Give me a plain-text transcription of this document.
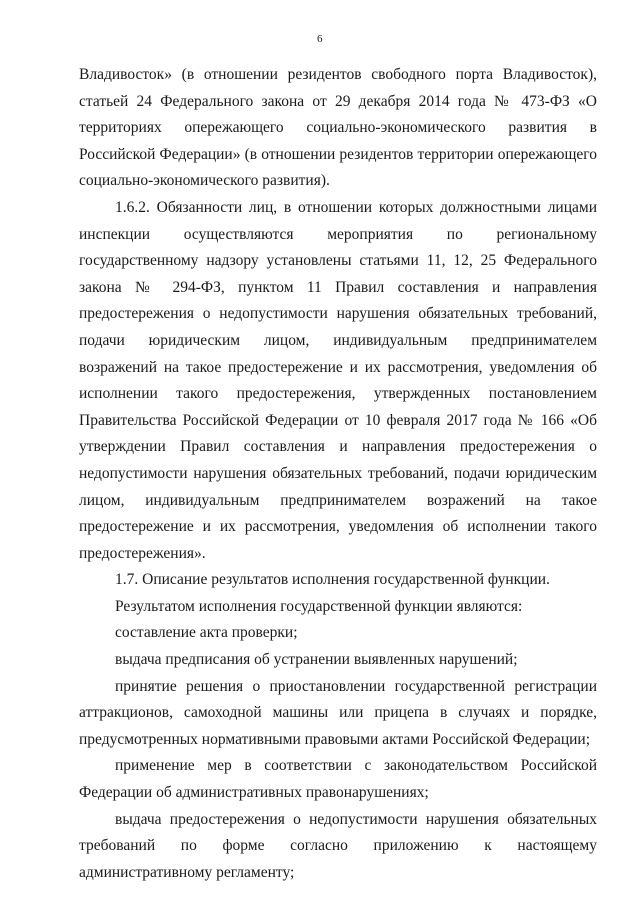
6

Владивосток» (в отношении резидентов свободного порта Владивосток), статьей 24 Федерального закона от 29 декабря 2014 года № 473-ФЗ «О территориях опережающего социально-экономического развития в Российской Федерации» (в отношении резидентов территории опережающего социально-экономического развития).

1.6.2. Обязанности лиц, в отношении которых должностными лицами инспекции осуществляются мероприятия по региональному государственному надзору установлены статьями 11, 12, 25 Федерального закона № 294-ФЗ, пунктом 11 Правил составления и направления предостережения о недопустимости нарушения обязательных требований, подачи юридическим лицом, индивидуальным предпринимателем возражений на такое предостережение и их рассмотрения, уведомления об исполнении такого предостережения, утвержденных постановлением Правительства Российской Федерации от 10 февраля 2017 года № 166 «Об утверждении Правил составления и направления предостережения о недопустимости нарушения обязательных требований, подачи юридическим лицом, индивидуальным предпринимателем возражений на такое предостережение и их рассмотрения, уведомления об исполнении такого предостережения».

1.7. Описание результатов исполнения государственной функции.

Результатом исполнения государственной функции являются:

составление акта проверки;

выдача предписания об устранении выявленных нарушений;

принятие решения о приостановлении государственной регистрации аттракционов, самоходной машины или прицепа в случаях и порядке, предусмотренных нормативными правовыми актами Российской Федерации;

применение мер в соответствии с законодательством Российской Федерации об административных правонарушениях;

выдача предостережения о недопустимости нарушения обязательных требований по форме согласно приложению к настоящему административному регламенту;
